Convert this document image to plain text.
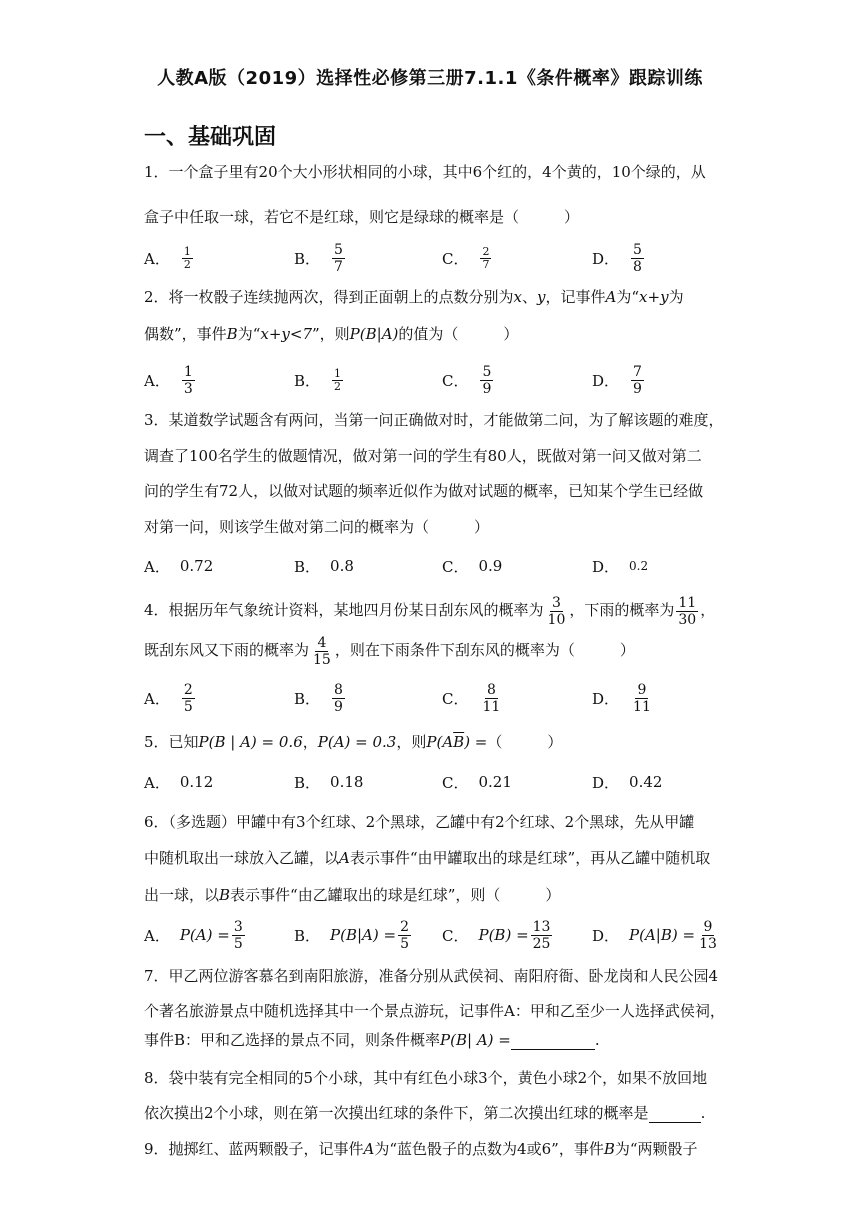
人教A版（2019）选择性必修第三册7.1.1《条件概率》跟踪训练
一、基础巩固
1．一个盒子里有20个大小形状相同的小球，其中6个红的，4个黄的，10个绿的，从
盒子中任取一球，若它不是红球，则它是绿球的概率是（　　　）
A． $\frac{1}{2}$	B． $\frac{5}{7}$	C． $\frac{2}{7}$	D． $\frac{5}{8}$
2．将一枚骰子连续抛两次，得到正面朝上的点数分别为x、y，记事件A为“x+y为
偶数”，事件B为“x+y<7”，则P(B|A)的值为（　　　）
A． $\frac{1}{3}$	B． $\frac{1}{2}$	C． $\frac{5}{9}$	D． $\frac{7}{9}$
3．某道数学试题含有两问，当第一问正确做对时，才能做第二问，为了解该题的难度，
调查了100名学生的做题情况，做对第一问的学生有80人，既做对第一问又做对第二
问的学生有72人，以做对试题的频率近似作为做对试题的概率，已知某个学生已经做
对第一问，则该学生做对第二问的概率为（　　　）
A． 0.72	B． 0.8	C． 0.9	D． 0.2
4．根据历年气象统计资料，某地四月份某日刮东风的概率为 $\frac{3}{10}$ ，下雨的概率为 $\frac{11}{30}$ ，
既刮东风又下雨的概率为 $\frac{4}{15}$ ，则在下雨条件下刮东风的概率为（　　　）
A． $\frac{2}{5}$	B． $\frac{8}{9}$	C． $\frac{8}{11}$	D． $\frac{9}{11}$
5．已知P(B | A) = 0.6，P(A) = 0.3，则$P(A\overline{B})$ =（　　　）
A． 0.12	B． 0.18	C． 0.21	D． 0.42
6．（多选题）甲罐中有3个红球、2个黑球，乙罐中有2个红球、2个黑球，先从甲罐
中随机取出一球放入乙罐，以A表示事件“由甲罐取出的球是红球”，再从乙罐中随机取
出一球，以B表示事件“由乙罐取出的球是红球”，则（　　　）
A． $P(A) = \frac{3}{5}$	B． $P(B|A) = \frac{2}{5}$ C． $P(B) = \frac{13}{25}$	D． $P(A|B) = \frac{9}{13}$
7．甲乙两位游客慕名到南阳旅游，准备分别从武侯祠、南阳府衙、卧龙岗和人民公园4
个著名旅游景点中随机选择其中一个景点游玩，记事件A：甲和乙至少一人选择武侯祠，
事件B：甲和乙选择的景点不同，则条件概率P(B| A) =	.
8．袋中装有完全相同的5个小球，其中有红色小球3个，黄色小球2个，如果不放回地
依次摸出2个小球，则在第一次摸出红球的条件下，第二次摸出红球的概率是	.
9．抛掷红、蓝两颗骰子，记事件A为“蓝色骰子的点数为4或6”，事件B为“两颗骰子
